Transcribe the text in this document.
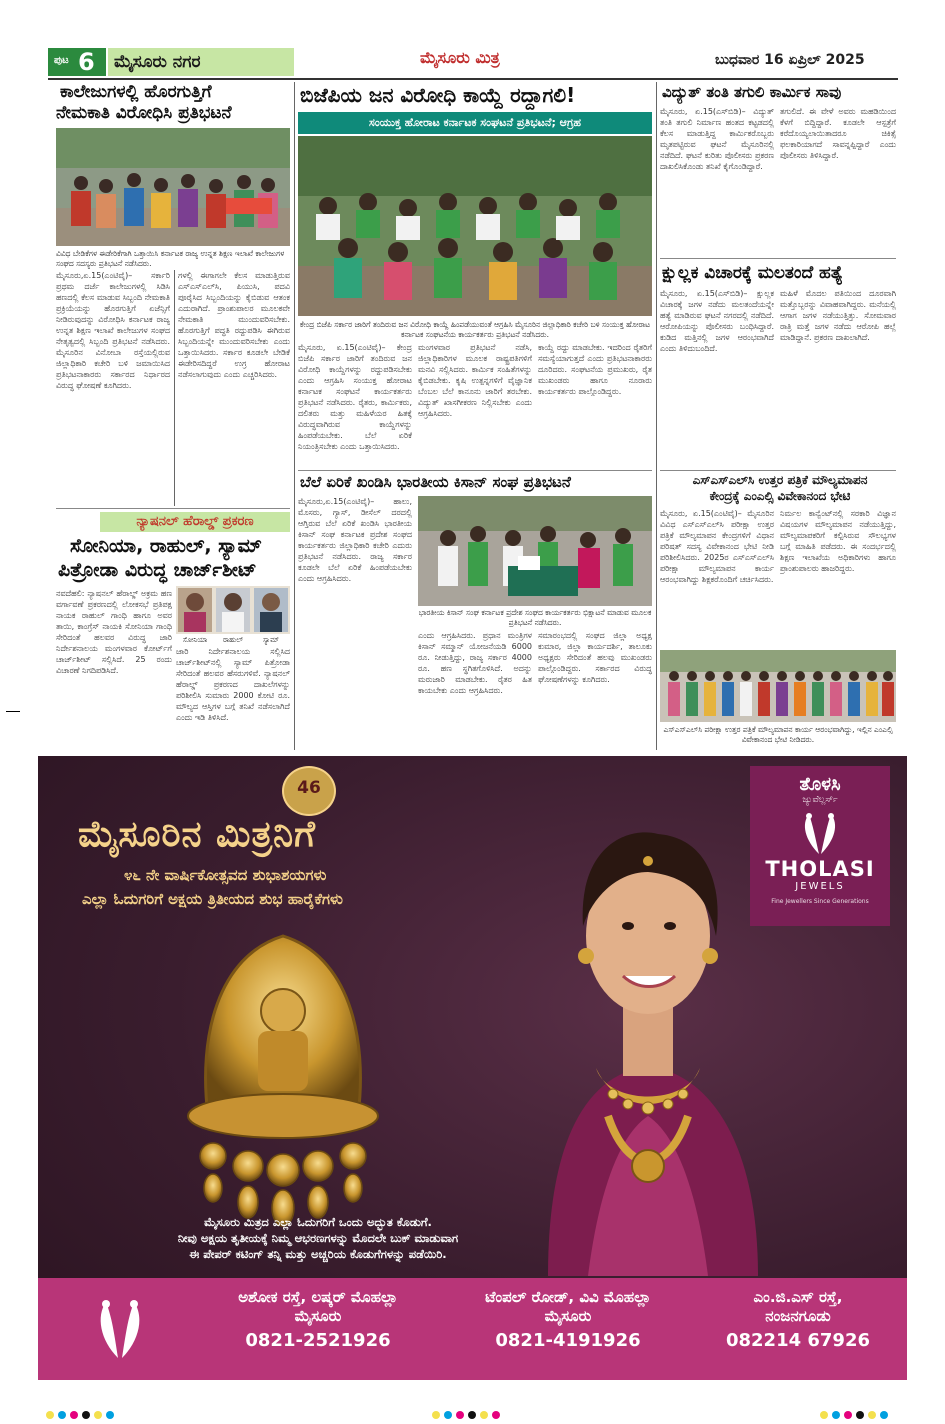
ಪುಟ 6	ಮೈಸೂರು ನಗರ	ಮೈಸೂರು ಮಿತ್ರ	ಬುಧವಾರ 16 ಏಪ್ರಿಲ್ 2025
ಕಾಲೇಜುಗಳಲ್ಲಿ ಹೊರಗುತ್ತಿಗೆ
ನೇಮಕಾತಿ ವಿರೋಧಿಸಿ ಪ್ರತಿಭಟನೆ
ವಿವಿಧ ಬೇಡಿಕೆಗಳ ಈಡೇರಿಕೆಗಾಗಿ ಒತ್ತಾಯಿಸಿ ಕರ್ನಾಟಕ ರಾಜ್ಯ ಉನ್ನತ ಶಿಕ್ಷಣ ಇಲಾಖೆ ಕಾಲೇಜುಗಳ ಸಂಘದ ಸದಸ್ಯರು ಪ್ರತಿಭಟನೆ ನಡೆಸಿದರು.
ಮೈಸೂರು,ಏ.15(ಎಂಟಿವೈ)– ಸರ್ಕಾರಿ ಪ್ರಥಮ ದರ್ಜೆ ಕಾಲೇಜುಗಳಲ್ಲಿ ಸಿಡಿಸಿ ಹಣದಲ್ಲಿ ಕೆಲಸ ಮಾಡುವ ಸಿಬ್ಬಂದಿ ನೇಮಕಾತಿ ಪ್ರಕ್ರಿಯೆಯನ್ನು ಹೊರಗುತ್ತಿಗೆ ಏಜೆನ್ಸಿಗೆ ನೀಡಿರುವುದನ್ನು ವಿರೋಧಿಸಿ ಕರ್ನಾಟಕ ರಾಜ್ಯ ಉನ್ನತ ಶಿಕ್ಷಣ ಇಲಾಖೆ ಕಾಲೇಜುಗಳ ಸಂಘದ ನೇತೃತ್ವದಲ್ಲಿ ಸಿಬ್ಬಂದಿ ಪ್ರತಿಭಟನೆ ನಡೆಸಿದರು. ಮೈಸೂರಿನ ವಿನೋಬಾ ರಸ್ತೆಯಲ್ಲಿರುವ ಜಿಲ್ಲಾಧಿಕಾರಿ ಕಚೇರಿ ಬಳಿ ಜಮಾಯಿಸಿದ ಪ್ರತಿಭಟನಾಕಾರರು ಸರ್ಕಾರದ ನಿರ್ಧಾರದ ವಿರುದ್ಧ ಘೋಷಣೆ ಕೂಗಿದರು.
ಗಳಲ್ಲಿ ಈಗಾಗಲೇ ಕೆಲಸ ಮಾಡುತ್ತಿರುವ ಎಸ್‌ಎಸ್‌ಎಲ್‌ಸಿ, ಪಿಯುಸಿ, ಪದವಿ ಪೂರೈಸಿದ ಸಿಬ್ಬಂದಿಯನ್ನು ಕೈಬಿಡುವ ಆತಂಕ ಎದುರಾಗಿದೆ. ಪ್ರಾಂಶುಪಾಲರ ಮೂಲಕವೇ ನೇಮಕಾತಿ ಮುಂದುವರಿಸಬೇಕು. ಹೊರಗುತ್ತಿಗೆ ಪದ್ಧತಿ ರದ್ದುಪಡಿಸಿ ಈಗಿರುವ ಸಿಬ್ಬಂದಿಯನ್ನೇ ಮುಂದುವರಿಸಬೇಕು ಎಂದು ಒತ್ತಾಯಿಸಿದರು. ಸರ್ಕಾರ ಕೂಡಲೇ ಬೇಡಿಕೆ ಈಡೇರಿಸದಿದ್ದರೆ ಉಗ್ರ ಹೋರಾಟ ನಡೆಸಲಾಗುವುದು ಎಂದು ಎಚ್ಚರಿಸಿದರು.
ನ್ಯಾಷನಲ್ ಹೆರಾಲ್ಡ್ ಪ್ರಕರಣ
ಸೋನಿಯಾ, ರಾಹುಲ್, ಸ್ಯಾಮ್
ಪಿತ್ರೋಡಾ ವಿರುದ್ಧ ಚಾರ್ಜ್‌ಶೀಟ್
ನವದೆಹಲಿ: ನ್ಯಾಷನಲ್ ಹೆರಾಲ್ಡ್ ಅಕ್ರಮ ಹಣ ವರ್ಗಾವಣೆ ಪ್ರಕರಣದಲ್ಲಿ ಲೋಕಸಭೆ ಪ್ರತಿಪಕ್ಷ ನಾಯಕ ರಾಹುಲ್ ಗಾಂಧಿ ಹಾಗೂ ಅವರ ತಾಯಿ, ಕಾಂಗ್ರೆಸ್ ನಾಯಕಿ ಸೋನಿಯಾ ಗಾಂಧಿ ಸೇರಿದಂತೆ ಹಲವರ ವಿರುದ್ಧ ಜಾರಿ ನಿರ್ದೇಶನಾಲಯ ಮಂಗಳವಾರ ಕೋರ್ಟ್‌ಗೆ ಚಾರ್ಜ್‌ಶೀಟ್ ಸಲ್ಲಿಸಿದೆ. 25 ರಂದು ವಿಚಾರಣೆ ನಿಗದಿಪಡಿಸಿದೆ.
ಸೋನಿಯಾ	ರಾಹುಲ್	ಸ್ಯಾಮ್
ಜಾರಿ ನಿರ್ದೇಶನಾಲಯ ಸಲ್ಲಿಸಿದ ಚಾರ್ಜ್‌ಶೀಟ್‌ನಲ್ಲಿ ಸ್ಯಾಮ್ ಪಿತ್ರೋಡಾ ಸೇರಿದಂತೆ ಹಲವರ ಹೆಸರುಗಳಿವೆ. ನ್ಯಾಷನಲ್ ಹೆರಾಲ್ಡ್ ಪ್ರಕರಣದ ದಾಖಲೆಗಳನ್ನು ಪರಿಶೀಲಿಸಿ ಸುಮಾರು 2000 ಕೋಟಿ ರೂ. ಮೌಲ್ಯದ ಆಸ್ತಿಗಳ ಬಗ್ಗೆ ತನಿಖೆ ನಡೆಸಲಾಗಿದೆ ಎಂದು ಇಡಿ ತಿಳಿಸಿದೆ.
ಬಿಜೆಪಿಯ ಜನ ವಿರೋಧಿ ಕಾಯ್ದೆ ರದ್ದಾಗಲಿ!
ಸಂಯುಕ್ತ ಹೋರಾಟ ಕರ್ನಾಟಕ ಸಂಘಟನೆ ಪ್ರತಿಭಟನೆ; ಆಗ್ರಹ
ಕೇಂದ್ರ ಬಿಜೆಪಿ ಸರ್ಕಾರ ಜಾರಿಗೆ ತಂದಿರುವ ಜನ ವಿರೋಧಿ ಕಾಯ್ದೆ ಹಿಂಪಡೆಯುವಂತೆ ಆಗ್ರಹಿಸಿ ಮೈಸೂರಿನ ಜಿಲ್ಲಾಧಿಕಾರಿ ಕಚೇರಿ ಬಳಿ ಸಂಯುಕ್ತ ಹೋರಾಟ ಕರ್ನಾಟಕ ಸಂಘಟನೆಯ ಕಾರ್ಯಕರ್ತರು ಪ್ರತಿಭಟನೆ ನಡೆಸಿದರು.
ಮೈಸೂರು, ಏ.15(ಎಂಟಿವೈ)– ಕೇಂದ್ರ ಬಿಜೆಪಿ ಸರ್ಕಾರ ಜಾರಿಗೆ ತಂದಿರುವ ಜನ ವಿರೋಧಿ ಕಾಯ್ದೆಗಳನ್ನು ರದ್ದುಪಡಿಸಬೇಕು ಎಂದು ಆಗ್ರಹಿಸಿ ಸಂಯುಕ್ತ ಹೋರಾಟ ಕರ್ನಾಟಕ ಸಂಘಟನೆ ಕಾರ್ಯಕರ್ತರು ಪ್ರತಿಭಟನೆ ನಡೆಸಿದರು. ರೈತರು, ಕಾರ್ಮಿಕರು, ದಲಿತರು ಮತ್ತು ಮಹಿಳೆಯರ ಹಿತಕ್ಕೆ ವಿರುದ್ಧವಾಗಿರುವ ಕಾಯ್ದೆಗಳನ್ನು ಹಿಂಪಡೆಯಬೇಕು. ಬೆಲೆ ಏರಿಕೆ ನಿಯಂತ್ರಿಸಬೇಕು ಎಂದು ಒತ್ತಾಯಿಸಿದರು.
ಮಂಗಳವಾರ ಪ್ರತಿಭಟನೆ ನಡೆಸಿ, ಜಿಲ್ಲಾಧಿಕಾರಿಗಳ ಮೂಲಕ ರಾಷ್ಟ್ರಪತಿಗಳಿಗೆ ಮನವಿ ಸಲ್ಲಿಸಿದರು. ಕಾರ್ಮಿಕ ಸಂಹಿತೆಗಳನ್ನು ಕೈಬಿಡಬೇಕು. ಕೃಷಿ ಉತ್ಪನ್ನಗಳಿಗೆ ವೈಜ್ಞಾನಿಕ ಬೆಂಬಲ ಬೆಲೆ ಕಾನೂನು ಜಾರಿಗೆ ತರಬೇಕು. ವಿದ್ಯುತ್ ಖಾಸಗೀಕರಣ ನಿಲ್ಲಿಸಬೇಕು ಎಂದು ಆಗ್ರಹಿಸಿದರು.
ಕಾಯ್ದೆ ರದ್ದು ಮಾಡಬೇಕು. ಇದರಿಂದ ರೈತರಿಗೆ ಸಮಸ್ಯೆಯಾಗುತ್ತದೆ ಎಂದು ಪ್ರತಿಭಟನಾಕಾರರು ದೂರಿದರು. ಸಂಘಟನೆಯ ಪ್ರಮುಖರು, ರೈತ ಮುಖಂಡರು ಹಾಗೂ ನೂರಾರು ಕಾರ್ಯಕರ್ತರು ಪಾಲ್ಗೊಂಡಿದ್ದರು.
ಬೆಲೆ ಏರಿಕೆ ಖಂಡಿಸಿ ಭಾರತೀಯ ಕಿಸಾನ್ ಸಂಘ ಪ್ರತಿಭಟನೆ
ಮೈಸೂರು,ಏ.15(ಎಂಟಿವೈ)– ಹಾಲು, ಮೊಸರು, ಗ್ಯಾಸ್, ಡೀಸೆಲ್ ದರದಲ್ಲಿ ಆಗ್ತಿರುವ ಬೆಲೆ ಏರಿಕೆ ಖಂಡಿಸಿ ಭಾರತೀಯ ಕಿಸಾನ್ ಸಂಘ ಕರ್ನಾಟಕ ಪ್ರದೇಶ ಸಂಘದ ಕಾರ್ಯಕರ್ತರು ಜಿಲ್ಲಾಧಿಕಾರಿ ಕಚೇರಿ ಎದುರು ಪ್ರತಿಭಟನೆ ನಡೆಸಿದರು. ರಾಜ್ಯ ಸರ್ಕಾರ ಕೂಡಲೇ ಬೆಲೆ ಏರಿಕೆ ಹಿಂಪಡೆಯಬೇಕು ಎಂದು ಆಗ್ರಹಿಸಿದರು.
ಭಾರತೀಯ ಕಿಸಾನ್ ಸಂಘ ಕರ್ನಾಟಕ ಪ್ರದೇಶ ಸಂಘದ ಕಾರ್ಯಕರ್ತರು ಭಿಕ್ಷಾಟನೆ ಮಾಡುವ ಮೂಲಕ ಪ್ರತಿಭಟನೆ ನಡೆಸಿದರು.
ಎಂದು ಆಗ್ರಹಿಸಿದರು. ಪ್ರಧಾನ ಮಂತ್ರಿಗಳ ಕಿಸಾನ್ ಸಮ್ಮಾನ್ ಯೋಜನೆಯಡಿ 6000 ರೂ. ನೀಡುತ್ತಿದ್ದು, ರಾಜ್ಯ ಸರ್ಕಾರ 4000 ರೂ. ಹಣ ಸ್ಥಗಿತಗೊಳಿಸಿದೆ. ಅದನ್ನು ಮರುಜಾರಿ ಮಾಡಬೇಕು. ರೈತರ ಹಿತ ಕಾಯಬೇಕು ಎಂದು ಆಗ್ರಹಿಸಿದರು.
ಸಮಾರಂಭದಲ್ಲಿ ಸಂಘದ ಜಿಲ್ಲಾ ಅಧ್ಯಕ್ಷ ಕುಮಾರ, ಜಿಲ್ಲಾ ಕಾರ್ಯದರ್ಶಿ, ತಾಲೂಕು ಅಧ್ಯಕ್ಷರು ಸೇರಿದಂತೆ ಹಲವು ಮುಖಂಡರು ಪಾಲ್ಗೊಂಡಿದ್ದರು. ಸರ್ಕಾರದ ವಿರುದ್ಧ ಘೋಷಣೆಗಳನ್ನು ಕೂಗಿದರು.
ವಿದ್ಯುತ್ ತಂತಿ ತಗುಲಿ ಕಾರ್ಮಿಕ ಸಾವು
ಮೈಸೂರು, ಏ.15(ಎಸ್‌ಬಿಡಿ)– ವಿದ್ಯುತ್ ತಂತಿ ತಗುಲಿ ನಿರ್ಮಾಣ ಹಂತದ ಕಟ್ಟಡದಲ್ಲಿ ಕೆಲಸ ಮಾಡುತ್ತಿದ್ದ ಕಾರ್ಮಿಕರೊಬ್ಬರು ಮೃತಪಟ್ಟಿರುವ ಘಟನೆ ಮೈಸೂರಿನಲ್ಲಿ ನಡೆದಿದೆ. ಘಟನೆ ಕುರಿತು ಪೊಲೀಸರು ಪ್ರಕರಣ ದಾಖಲಿಸಿಕೊಂಡು ತನಿಖೆ ಕೈಗೊಂಡಿದ್ದಾರೆ.
ತಗುಲಿದೆ. ಈ ವೇಳೆ ಅವರು ಮಹಡಿಯಿಂದ ಕೆಳಗೆ ಬಿದ್ದಿದ್ದಾರೆ. ಕೂಡಲೇ ಆಸ್ಪತ್ರೆಗೆ ಕರೆದೊಯ್ಯಲಾಯಿತಾದರೂ ಚಿಕಿತ್ಸೆ ಫಲಕಾರಿಯಾಗದೆ ಸಾವನ್ನಪ್ಪಿದ್ದಾರೆ ಎಂದು ಪೊಲೀಸರು ತಿಳಿಸಿದ್ದಾರೆ.
ಕ್ಷುಲ್ಲಕ ವಿಚಾರಕ್ಕೆ ಮಲತಂದೆ ಹತ್ಯೆ
ಮೈಸೂರು, ಏ.15(ಎಸ್‌ಬಿಡಿ)– ಕ್ಷುಲ್ಲಕ ವಿಚಾರಕ್ಕೆ ಜಗಳ ನಡೆದು ಮಲತಂದೆಯನ್ನೇ ಹತ್ಯೆ ಮಾಡಿರುವ ಘಟನೆ ನಗರದಲ್ಲಿ ನಡೆದಿದೆ. ಆರೋಪಿಯನ್ನು ಪೊಲೀಸರು ಬಂಧಿಸಿದ್ದಾರೆ. ಕುಡಿದ ಮತ್ತಿನಲ್ಲಿ ಜಗಳ ಆರಂಭವಾಗಿದೆ ಎಂದು ತಿಳಿದುಬಂದಿದೆ.
ಮಹಿಳೆ ಮೊದಲ ಪತಿಯಿಂದ ದೂರವಾಗಿ ಮತ್ತೊಬ್ಬರನ್ನು ವಿವಾಹವಾಗಿದ್ದರು. ಮನೆಯಲ್ಲಿ ಆಗಾಗ ಜಗಳ ನಡೆಯುತ್ತಿತ್ತು. ಸೋಮವಾರ ರಾತ್ರಿ ಮತ್ತೆ ಜಗಳ ನಡೆದು ಆರೋಪಿ ಹಲ್ಲೆ ಮಾಡಿದ್ದಾನೆ. ಪ್ರಕರಣ ದಾಖಲಾಗಿದೆ.
ಎಸ್‌ಎಸ್‌ಎಲ್‌ಸಿ ಉತ್ತರ ಪತ್ರಿಕೆ ಮೌಲ್ಯಮಾಪನ
ಕೇಂದ್ರಕ್ಕೆ ಎಂಎಲ್ಸಿ ವಿವೇಕಾನಂದ ಭೇಟಿ
ಮೈಸೂರು, ಏ.15(ಎಂಟಿವೈ)– ಮೈಸೂರಿನ ವಿವಿಧ ಎಸ್‌ಎಸ್‌ಎಲ್‌ಸಿ ಪರೀಕ್ಷಾ ಉತ್ತರ ಪತ್ರಿಕೆ ಮೌಲ್ಯಮಾಪನ ಕೇಂದ್ರಗಳಿಗೆ ವಿಧಾನ ಪರಿಷತ್ ಸದಸ್ಯ ವಿವೇಕಾನಂದ ಭೇಟಿ ನೀಡಿ ಪರಿಶೀಲಿಸಿದರು. 2025ರ ಎಸ್‌ಎಸ್‌ಎಲ್‌ಸಿ ಪರೀಕ್ಷಾ ಮೌಲ್ಯಮಾಪನ ಕಾರ್ಯ ಆರಂಭವಾಗಿದ್ದು ಶಿಕ್ಷಕರೊಂದಿಗೆ ಚರ್ಚಿಸಿದರು.
ನಿರ್ಮಲ ಕಾನ್ವೆಂಟ್‌ನಲ್ಲಿ ಸರಕಾರಿ ವಿಜ್ಞಾನ ವಿಷಯಗಳ ಮೌಲ್ಯಮಾಪನ ನಡೆಯುತ್ತಿದ್ದು, ಮೌಲ್ಯಮಾಪಕರಿಗೆ ಕಲ್ಪಿಸಿರುವ ಸೌಲಭ್ಯಗಳ ಬಗ್ಗೆ ಮಾಹಿತಿ ಪಡೆದರು. ಈ ಸಂದರ್ಭದಲ್ಲಿ ಶಿಕ್ಷಣ ಇಲಾಖೆಯ ಅಧಿಕಾರಿಗಳು ಹಾಗೂ ಪ್ರಾಂಶುಪಾಲರು ಹಾಜರಿದ್ದರು.
ಎಸ್‌ಎಸ್‌ಎಲ್‌ಸಿ ಪರೀಕ್ಷಾ ಉತ್ತರ ಪತ್ರಿಕೆ ಮೌಲ್ಯಮಾಪನ ಕಾರ್ಯ ಆರಂಭವಾಗಿದ್ದು, ಇಲ್ಲಿನ ಎಂಎಲ್ಸಿ ವಿವೇಕಾನಂದ ಭೇಟಿ ನೀಡಿದರು.
46
ಮೈಸೂರಿನ ಮಿತ್ರನಿಗೆ
೪೬ ನೇ ವಾರ್ಷಿಕೋತ್ಸವದ ಶುಭಾಶಯಗಳು
ಎಲ್ಲಾ ಓದುಗರಿಗೆ ಅಕ್ಷಯ ತ್ರಿತೀಯದ ಶುಭ ಹಾರೈಕೆಗಳು
ತೊಳಸಿ
ಜ್ಯುವೆಲ್ಲರ್ಸ್
THOLASI
JEWELS
Fine Jewellers Since Generations
ಮೈಸೂರು ಮಿತ್ರದ ಎಲ್ಲಾ ಓದುಗರಿಗೆ ಒಂದು ಅದ್ಭುತ ಕೊಡುಗೆ.
ನೀವು ಅಕ್ಷಯ ತೃತೀಯಕ್ಕೆ ನಿಮ್ಮ ಆಭರಣಗಳನ್ನು ಮೊದಲೇ ಬುಕ್ ಮಾಡುವಾಗ
ಈ ಪೇಪರ್ ಕಟಿಂಗ್ ತನ್ನಿ ಮತ್ತು ಅಚ್ಚರಿಯ ಕೊಡುಗೆಗಳನ್ನು ಪಡೆಯಿರಿ.
ಅಶೋಕ ರಸ್ತೆ, ಲಷ್ಕರ್ ಮೊಹಲ್ಲಾ
ಮೈಸೂರು
0821-2521926
ಟೆಂಪಲ್ ರೋಡ್, ವಿವಿ ಮೊಹಲ್ಲಾ
ಮೈಸೂರು
0821-4191926
ಎಂ.ಜಿ.ಎಸ್ ರಸ್ತೆ,
ನಂಜನಗೂಡು
082214 67926
